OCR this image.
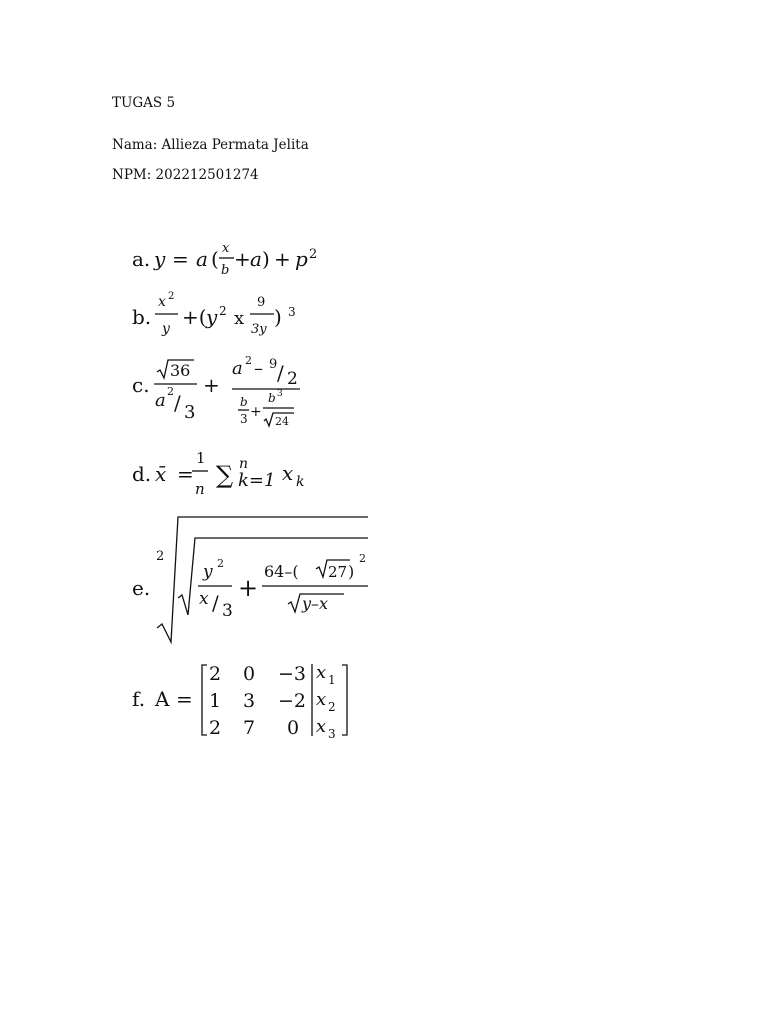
TUGAS 5
Nama: Allieza Permata Jelita
NPM: 202212501274
a. y = a ( x
b + a ) + p 2
b.
x 2
y +( y 2 x
9
3y
) 3
c.
36
a 2 / 3
+
a 2 – 9 / 2
b
3 +
b 3
24
d. x̄ =
1
n ∑ n
k=1 x k
2
e.
y 2
x / 3
+
64–( 27 )
2
y–x
f. A =
2 0 −3
1 3 −2
2 7 0
x 1
x 2
x 3
